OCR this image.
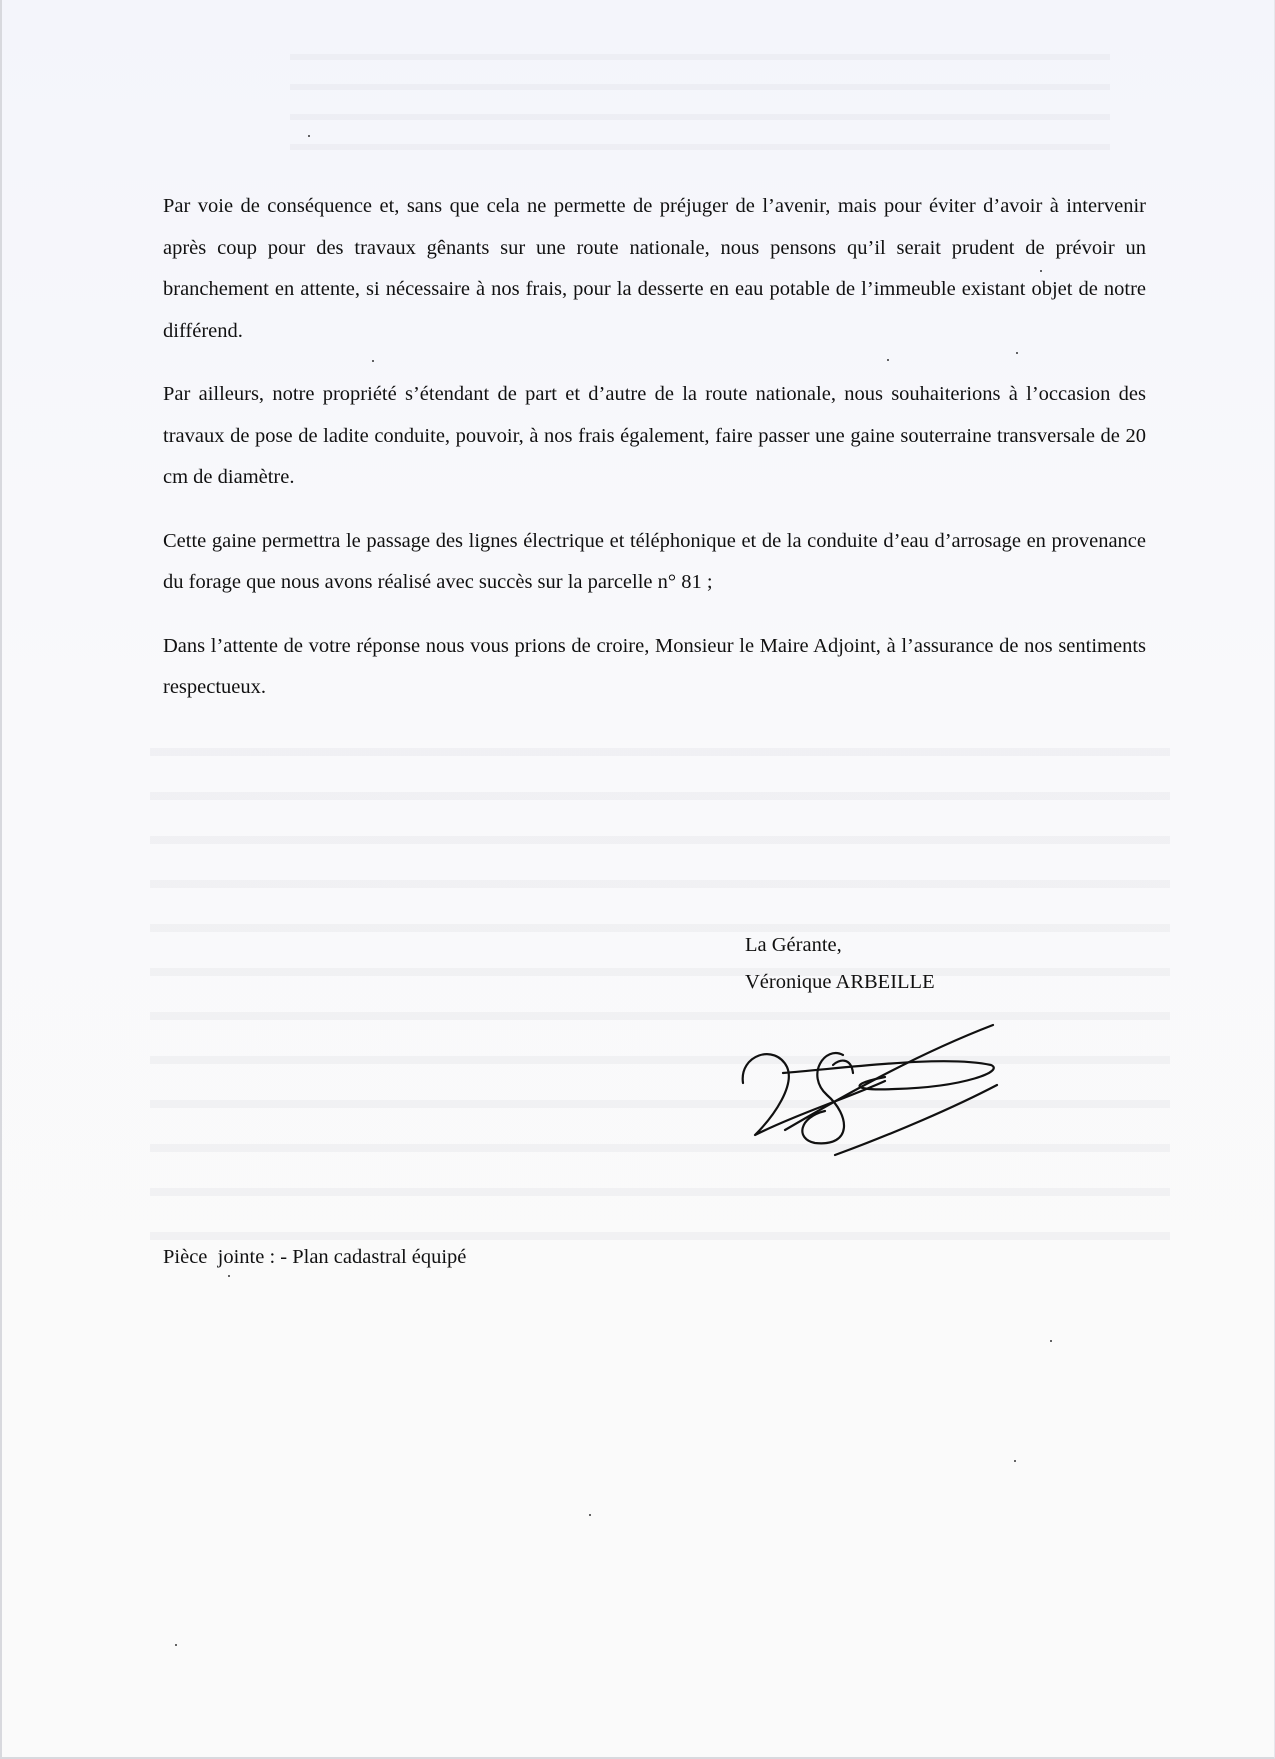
Par voie de conséquence et, sans que cela ne permette de préjuger de l’avenir, mais pour éviter d’avoir à intervenir après coup pour des travaux gênants sur une route nationale, nous pensons qu’il serait prudent de prévoir un branchement en attente, si nécessaire à nos frais, pour la desserte en eau potable de l’immeuble existant objet de notre différend.

Par ailleurs, notre propriété s’étendant de part et d’autre de la route nationale, nous souhaiterions à l’occasion des travaux de pose de ladite conduite, pouvoir, à nos frais également, faire passer une gaine souterraine transversale de 20 cm de diamètre.

Cette gaine permettra le passage des lignes électrique et téléphonique et de la conduite d’eau d’arrosage en provenance du forage que nous avons réalisé avec succès sur la parcelle n° 81 ;

Dans l’attente de votre réponse nous vous prions de croire, Monsieur le Maire Adjoint, à l’assurance de nos sentiments respectueux.

La Gérante,
Véronique ARBEILLE
Pièce  jointe : - Plan cadastral équipé
